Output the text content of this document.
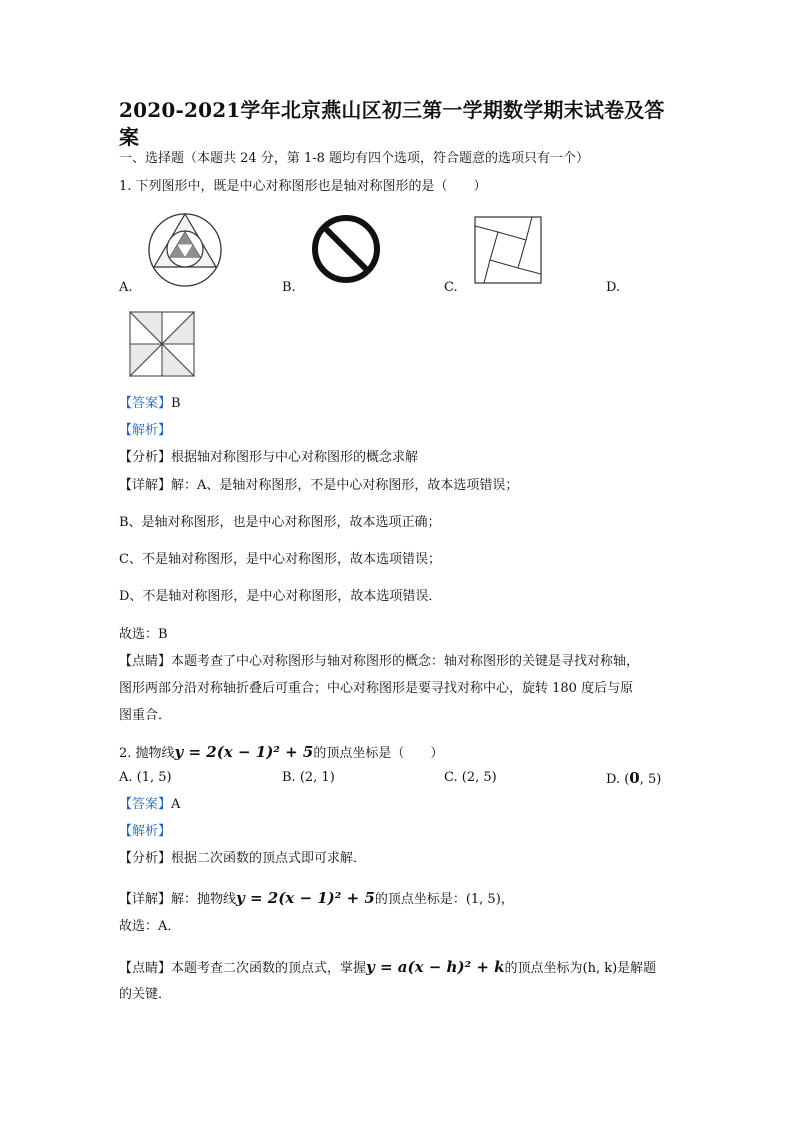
2020-2021学年北京燕山区初三第一学期数学期末试卷及答案
一、选择题（本题共 24 分，第 1-8 题均有四个选项，符合题意的选项只有一个）
1. 下列图形中，既是中心对称图形也是轴对称图形的是（　　）
A.	B.	C.	D.
【答案】B
【解析】
【分析】根据轴对称图形与中心对称图形的概念求解
【详解】解：A、是轴对称图形，不是中心对称图形，故本选项错误；
B、是轴对称图形，也是中心对称图形，故本选项正确；
C、不是轴对称图形，是中心对称图形，故本选项错误；
D、不是轴对称图形，是中心对称图形，故本选项错误．
故选：B
【点睛】本题考查了中心对称图形与轴对称图形的概念：轴对称图形的关键是寻找对称轴，
图形两部分沿对称轴折叠后可重合；中心对称图形是要寻找对称中心，旋转 180 度后与原
图重合．
2. 抛物线y = 2(x − 1)² + 5的顶点坐标是（　　）
A. (1, 5)	B. (2, 1)	C. (2, 5)	D. (0, 5)
【答案】A
【解析】
【分析】根据二次函数的顶点式即可求解．
【详解】解：抛物线y = 2(x − 1)² + 5的顶点坐标是：(1, 5)，
故选：A．
【点睛】本题考查二次函数的顶点式，掌握y = a(x − h)² + k的顶点坐标为(h, k)是解题
的关键．
